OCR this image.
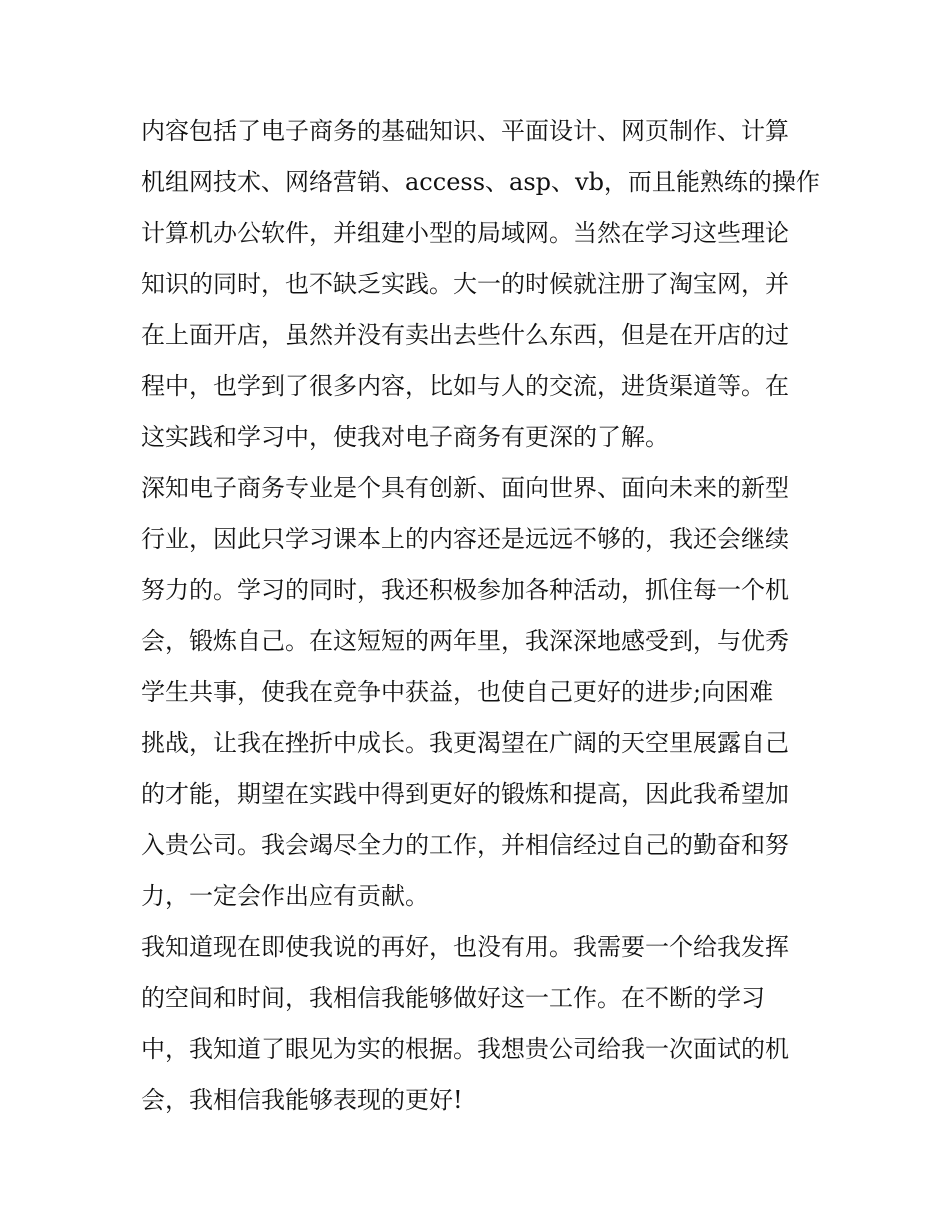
内容包括了电子商务的基础知识、平面设计、网页制作、计算
机组网技术、网络营销、access、asp、vb，而且能熟练的操作
计算机办公软件，并组建小型的局域网。当然在学习这些理论
知识的同时，也不缺乏实践。大一的时候就注册了淘宝网，并
在上面开店，虽然并没有卖出去些什么东西，但是在开店的过
程中，也学到了很多内容，比如与人的交流，进货渠道等。在
这实践和学习中，使我对电子商务有更深的了解。
深知电子商务专业是个具有创新、面向世界、面向未来的新型
行业，因此只学习课本上的内容还是远远不够的，我还会继续
努力的。学习的同时，我还积极参加各种活动，抓住每一个机
会，锻炼自己。在这短短的两年里，我深深地感受到，与优秀
学生共事，使我在竞争中获益，也使自己更好的进步;向困难
挑战，让我在挫折中成长。我更渴望在广阔的天空里展露自己
的才能，期望在实践中得到更好的锻炼和提高，因此我希望加
入贵公司。我会竭尽全力的工作，并相信经过自己的勤奋和努
力，一定会作出应有贡献。
我知道现在即使我说的再好，也没有用。我需要一个给我发挥
的空间和时间，我相信我能够做好这一工作。在不断的学习
中，我知道了眼见为实的根据。我想贵公司给我一次面试的机
会，我相信我能够表现的更好!
